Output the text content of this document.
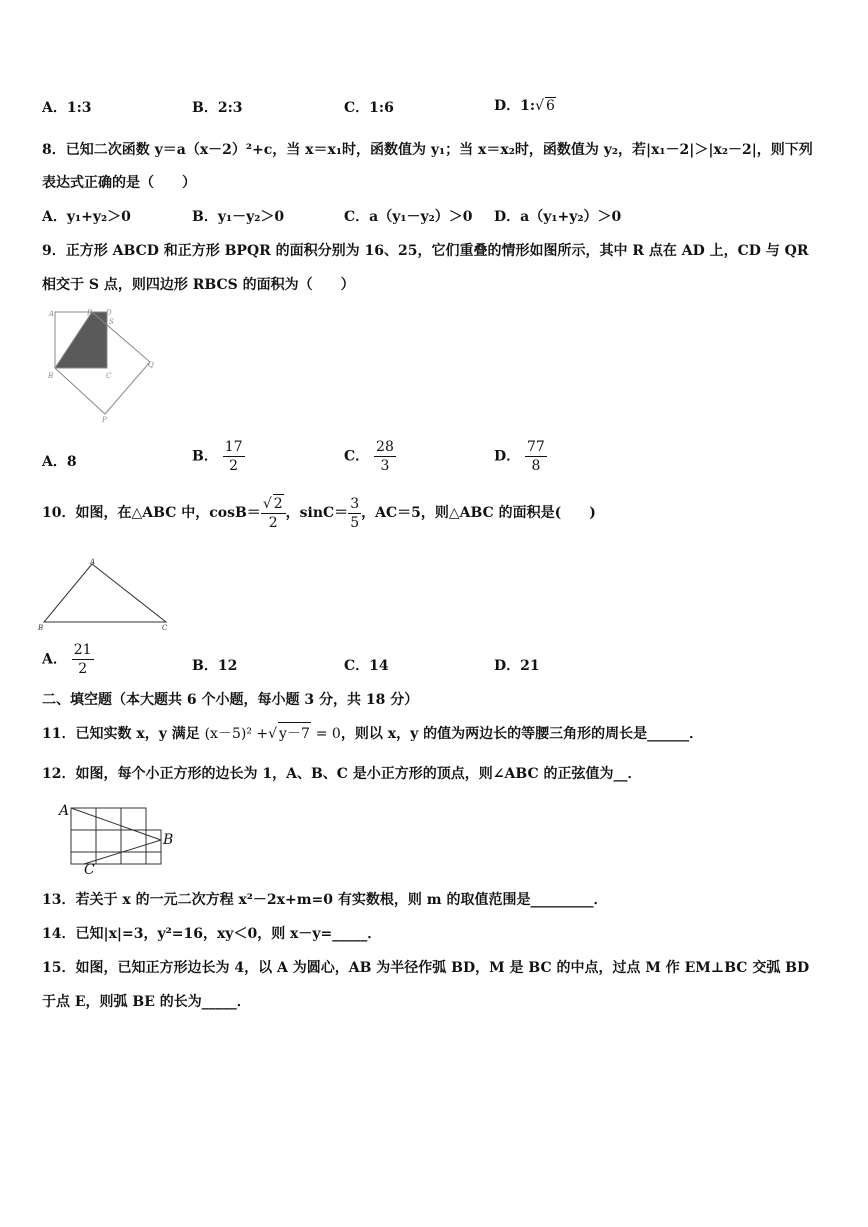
A．1:3	B．2:3	C．1:6	D．1:√ 6
8．已知二次函数 y＝a（x－2）²+c，当 x＝x₁时，函数值为 y₁；当 x＝x₂时，函数值为 y₂，若|x₁－2|＞|x₂－2|，则下列
表达式正确的是（　　）
A．y₁+y₂＞0	B．y₁－y₂＞0	C．a（y₁－y₂）＞0 D．a（y₁+y₂）＞0
9．正方形 ABCD 和正方形 BPQR 的面积分别为 16、25，它们重叠的情形如图所示，其中 R 点在 AD 上，CD 与 QR
相交于 S 点，则四边形 RBCS 的面积为（　　）
A	R D
S
Q
B	C
P
A．8	B． $\frac{17}{2}$	C． $\frac{28}{3}$	D． $\frac{77}{8}$
10．如图，在△ABC 中，$\cos B= \frac{√ 2}{2}$ ，$\sin C= \frac{3}{5}$ ，AC＝5，则△ABC 的面积是(　　)
A
B	C
A． $\frac{21}{2}$	B．12	C．14	D．21
二、填空题（本大题共 6 个小题，每小题 3 分，共 18 分）
11．已知实数 x，y 满足 (x－5)² +√ y－7 = 0，则以 x，y 的值为两边长的等腰三角形的周长是______．
12．如图，每个小正方形的边长为 1，A、B、C 是小正方形的顶点，则∠ABC 的正弦值为__．
A
B
C
13．若关于 x 的一元二次方程 x²－2x+m=0 有实数根，则 m 的取值范围是_________．
14．已知|x|=3，y²=16，xy＜0，则 x－y=_____．
15．如图，已知正方形边长为 4，以 A 为圆心，AB 为半径作弧 BD，M 是 BC 的中点，过点 M 作 EM⊥BC 交弧 BD
于点 E，则弧 BE 的长为_____．
